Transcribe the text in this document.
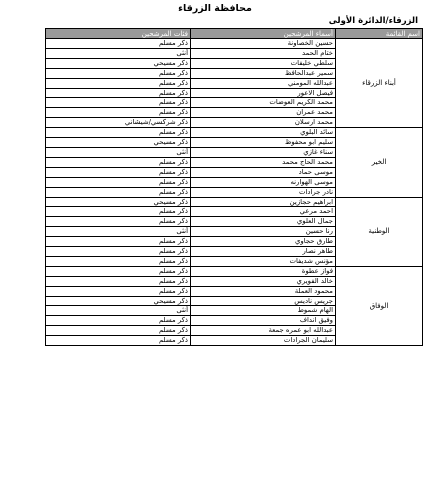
محافظة الزرقاء
الزرقاء/الدائرة الأولى
اسم القائمة	أسماء المرشحين	فئات المرشحين
أبناء الزرقاء	حسين الخصاونة	ذكر مسلم
	ختام الحمد	أنثى
	سلطي خليفات	ذكر مسيحي
	سمير عبدالحافظ	ذكر مسلم
	عبدالله المومني	ذكر مسلم
	فيصل الاعور	ذكر مسلم
	محمد الكريم العوضات	ذكر مسلم
	محمد عمران	ذكر مسلم
	محمد ارسلان	ذكر شركسي/شيشاني
الخير	سائد البلوي	ذكر مسلم
	سليم ابو محفوظ	ذكر مسيحي
	سناء غازي	أنثى
	محمد الحاج محمد	ذكر مسلم
	موسى حماد	ذكر مسلم
	موسى الهوارنه	ذكر مسلم
	نادر جرادات	ذكر مسلم
الوطنية	ابراهيم حجازين	ذكر مسيحي
	احمد مرعي	ذكر مسلم
	جمال العلوي	ذكر مسلم
	رنا حسين	أنثى
	طارق حجاوي	ذكر مسلم
	طاهر نصار	ذكر مسلم
	مؤنس شديفات	ذكر مسلم
الوفاق	فواز عطوة	ذكر مسلم
	خالد الفويري	ذكر مسلم
	محمود العملة	ذكر مسلم
	جريس ناديس	ذكر مسيحي
	الهام شموط	أنثى
	وفيق انداف	ذكر مسلم
	عبدالله ابو عمره جمعة	ذكر مسلم
	سليمان الجرادات	ذكر مسلم
